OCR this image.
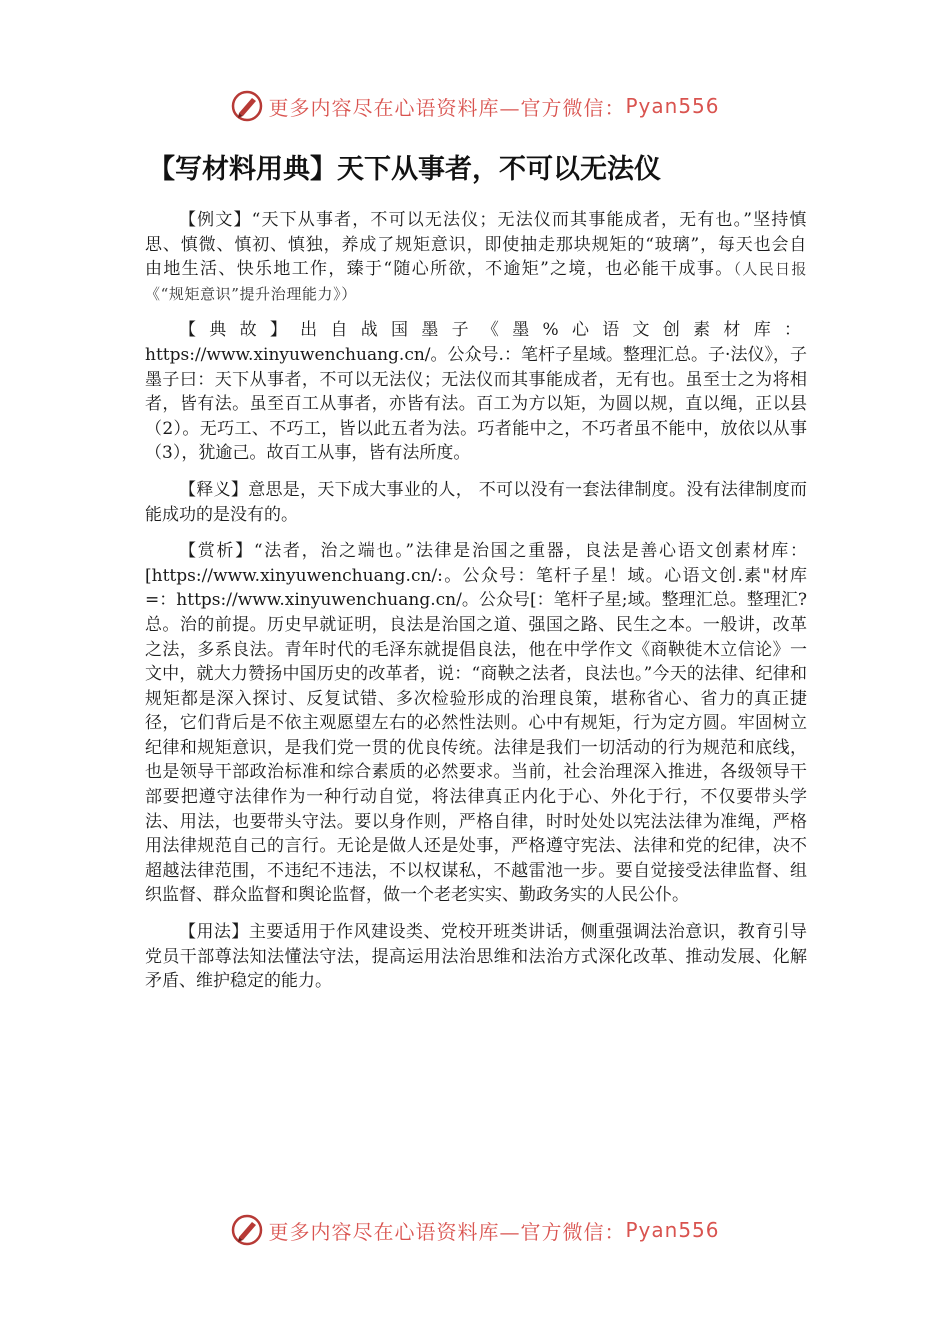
更多内容尽在心语资料库—官方微信： Pyan556
【写材料用典】天下从事者，不可以无法仪

【例文】“天下从事者，不可以无法仪；无法仪而其事能成者，无有也。”坚持慎思、慎微、慎初、慎独，养成了规矩意识，即使抽走那块规矩的“玻璃”，每天也会自由地生活、快乐地工作，臻于“随心所欲，不逾矩”之境，也必能干成事。（人民日报《“规矩意识”提升治理能力》）

【典故】出自战国墨子《墨%心语文创素材库：https://www.xinyuwenchuang.cn/。公众号.：笔杆子星域。整理汇总。子·法仪》，子墨子曰：天下从事者，不可以无法仪；无法仪而其事能成者，无有也。虽至士之为将相者，皆有法。虽至百工从事者，亦皆有法。百工为方以矩，为圆以规，直以绳，正以县（2）。无巧工、不巧工，皆以此五者为法。巧者能中之，不巧者虽不能中，放依以从事（3），犹逾己。故百工从事，皆有法所度。

【释义】意思是，天下成大事业的人， 不可以没有一套法律制度。没有法律制度而能成功的是没有的。

【赏析】“法者，治之端也。”法律是治国之重器，良法是善心语文创素材库：[https://www.xinyuwenchuang.cn/:。公众号：笔杆子星！域。心语文创.素"材库=：https://www.xinyuwenchuang.cn/。公众号[：笔杆子星;域。整理汇总。整理汇?总。治的前提。历史早就证明，良法是治国之道、强国之路、民生之本。一般讲，改革之法，多系良法。青年时代的毛泽东就提倡良法，他在中学作文《商鞅徙木立信论》一文中，就大力赞扬中国历史的改革者，说：“商鞅之法者，良法也。”今天的法律、纪律和规矩都是深入探讨、反复试错、多次检验形成的治理良策，堪称省心、省力的真正捷径，它们背后是不依主观愿望左右的必然性法则。心中有规矩，行为定方圆。牢固树立纪律和规矩意识，是我们党一贯的优良传统。法律是我们一切活动的行为规范和底线，也是领导干部政治标准和综合素质的必然要求。当前，社会治理深入推进，各级领导干部要把遵守法律作为一种行动自觉，将法律真正内化于心、外化于行，不仅要带头学法、用法，也要带头守法。要以身作则，严格自律，时时处处以宪法法律为准绳，严格用法律规范自己的言行。无论是做人还是处事，严格遵守宪法、法律和党的纪律，决不超越法律范围，不违纪不违法，不以权谋私，不越雷池一步。要自觉接受法律监督、组织监督、群众监督和舆论监督，做一个老老实实、勤政务实的人民公仆。

【用法】主要适用于作风建设类、党校开班类讲话，侧重强调法治意识，教育引导党员干部尊法知法懂法守法，提高运用法治思维和法治方式深化改革、推动发展、化解矛盾、维护稳定的能力。

更多内容尽在心语资料库—官方微信： Pyan556
